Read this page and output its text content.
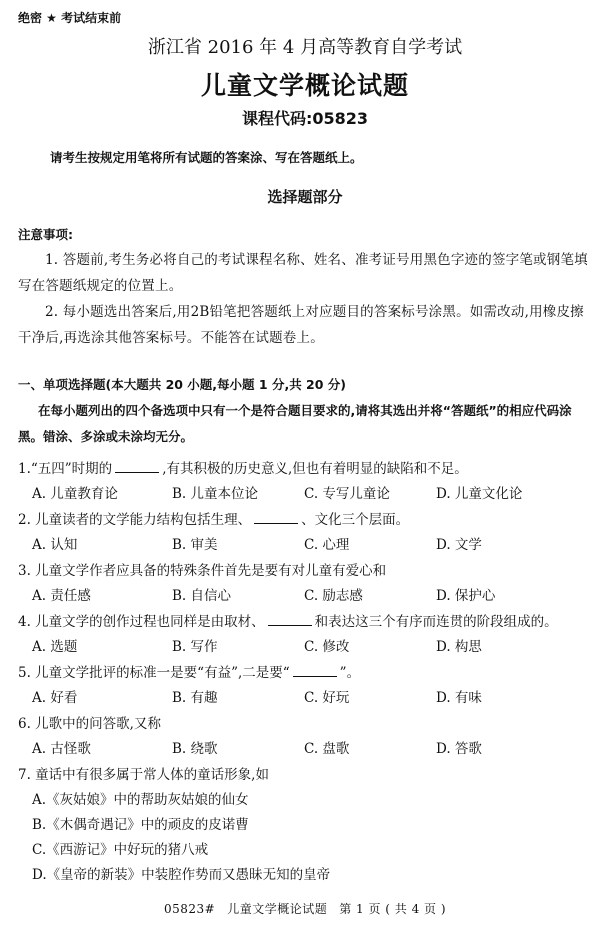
绝密 ★ 考试结束前
浙江省 2016 年 4 月高等教育自学考试
儿童文学概论试题
课程代码:05823
请考生按规定用笔将所有试题的答案涂、写在答题纸上。
选择题部分
注意事项:
1. 答题前,考生务必将自己的考试课程名称、姓名、准考证号用黑色字迹的签字笔或钢笔填写在答题纸规定的位置上。
2. 每小题选出答案后,用2B铅笔把答题纸上对应题目的答案标号涂黑。如需改动,用橡皮擦干净后,再选涂其他答案标号。不能答在试题卷上。
一、单项选择题(本大题共 20 小题,每小题 1 分,共 20 分)
在每小题列出的四个备选项中只有一个是符合题目要求的,请将其选出并将“答题纸”的相应代码涂黑。错涂、多涂或未涂均无分。
1.“五四”时期的	,有其积极的历史意义,但也有着明显的缺陷和不足。
A. 儿童教育论	B. 儿童本位论	C. 专写儿童论	D. 儿童文化论
2. 儿童读者的文学能力结构包括生理、	、文化三个层面。
A. 认知	B. 审美	C. 心理	D. 文学
3. 儿童文学作者应具备的特殊条件首先是要有对儿童有爱心和
A. 责任感	B. 自信心	C. 励志感	D. 保护心
4. 儿童文学的创作过程也同样是由取材、	和表达这三个有序而连贯的阶段组成的。
A. 选题	B. 写作	C. 修改	D. 构思
5. 儿童文学批评的标准一是要“有益”,二是要“	”。
A. 好看	B. 有趣	C. 好玩	D. 有味
6. 儿歌中的问答歌,又称
A. 古怪歌	B. 绕歌	C. 盘歌	D. 答歌
7. 童话中有很多属于常人体的童话形象,如
A.《灰姑娘》中的帮助灰姑娘的仙女
B.《木偶奇遇记》中的顽皮的皮诺曹
C.《西游记》中好玩的猪八戒
D.《皇帝的新装》中装腔作势而又愚昧无知的皇帝
05823# 儿童文学概论试题 第 1 页 ( 共 4 页 )
